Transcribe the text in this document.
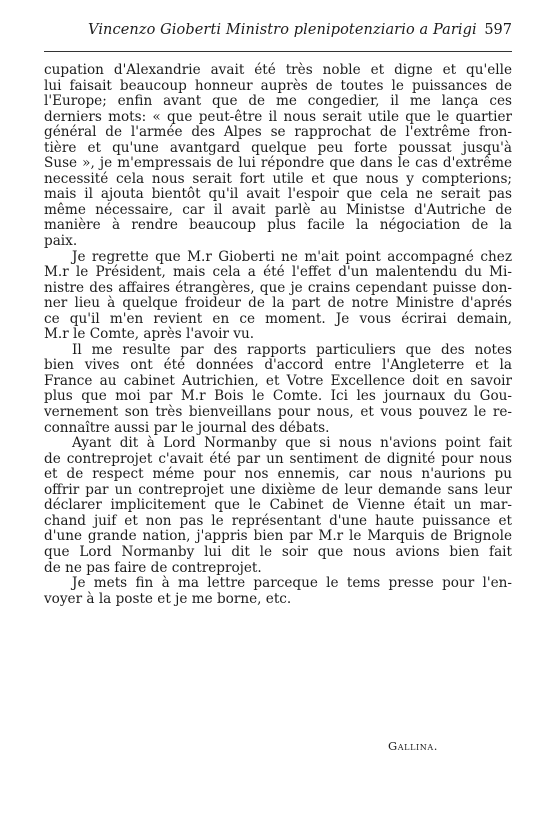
Vincenzo Gioberti Ministro plenipotenziario a Parigi 597
cupation d'Alexandrie avait été très noble et digne et qu'elle
lui faisait beaucoup honneur auprès de toutes le puissances de
l'Europe; enfin avant que de me congedier, il me lança ces
derniers mots: « que peut-être il nous serait utile que le quartier
général de l'armée des Alpes se rapprochat de l'extrême fron-
tière et qu'une avantgard quelque peu forte poussat jusqu'à
Suse », je m'empressais de lui répondre que dans le cas d'extrême
necessité cela nous serait fort utile et que nous y compterions;
mais il ajouta bientôt qu'il avait l'espoir que cela ne serait pas
même nécessaire, car il avait parlè au Ministse d'Autriche de
manière à rendre beaucoup plus facile la négociation de la
paix.
Je regrette que M.r Gioberti ne m'ait point accompagné chez
M.r le Président, mais cela a été l'effet d'un malentendu du Mi-
nistre des affaires étrangères, que je crains cependant puisse don-
ner lieu à quelque froideur de la part de notre Ministre d'aprés
ce qu'il m'en revient en ce moment. Je vous écrirai demain,
M.r le Comte, après l'avoir vu.
Il me resulte par des rapports particuliers que des notes
bien vives ont été données d'accord entre l'Angleterre et la
France au cabinet Autrichien, et Votre Excellence doit en savoir
plus que moi par M.r Bois le Comte. Ici les journaux du Gou-
vernement son très bienveillans pour nous, et vous pouvez le re-
connaître aussi par le journal des débats.
Ayant dit à Lord Normanby que si nous n'avions point fait
de contreprojet c'avait été par un sentiment de dignité pour nous
et de respect méme pour nos ennemis, car nous n'aurions pu
offrir par un contreprojet une dixième de leur demande sans leur
déclarer implicitement que le Cabinet de Vienne était un mar-
chand juif et non pas le représentant d'une haute puissance et
d'une grande nation, j'appris bien par M.r le Marquis de Brignole
que Lord Normanby lui dit le soir que nous avions bien fait
de ne pas faire de contreprojet.
Je mets fin à ma lettre parceque le tems presse pour l'en-
voyer à la poste et je me borne, etc.
Gallina.
